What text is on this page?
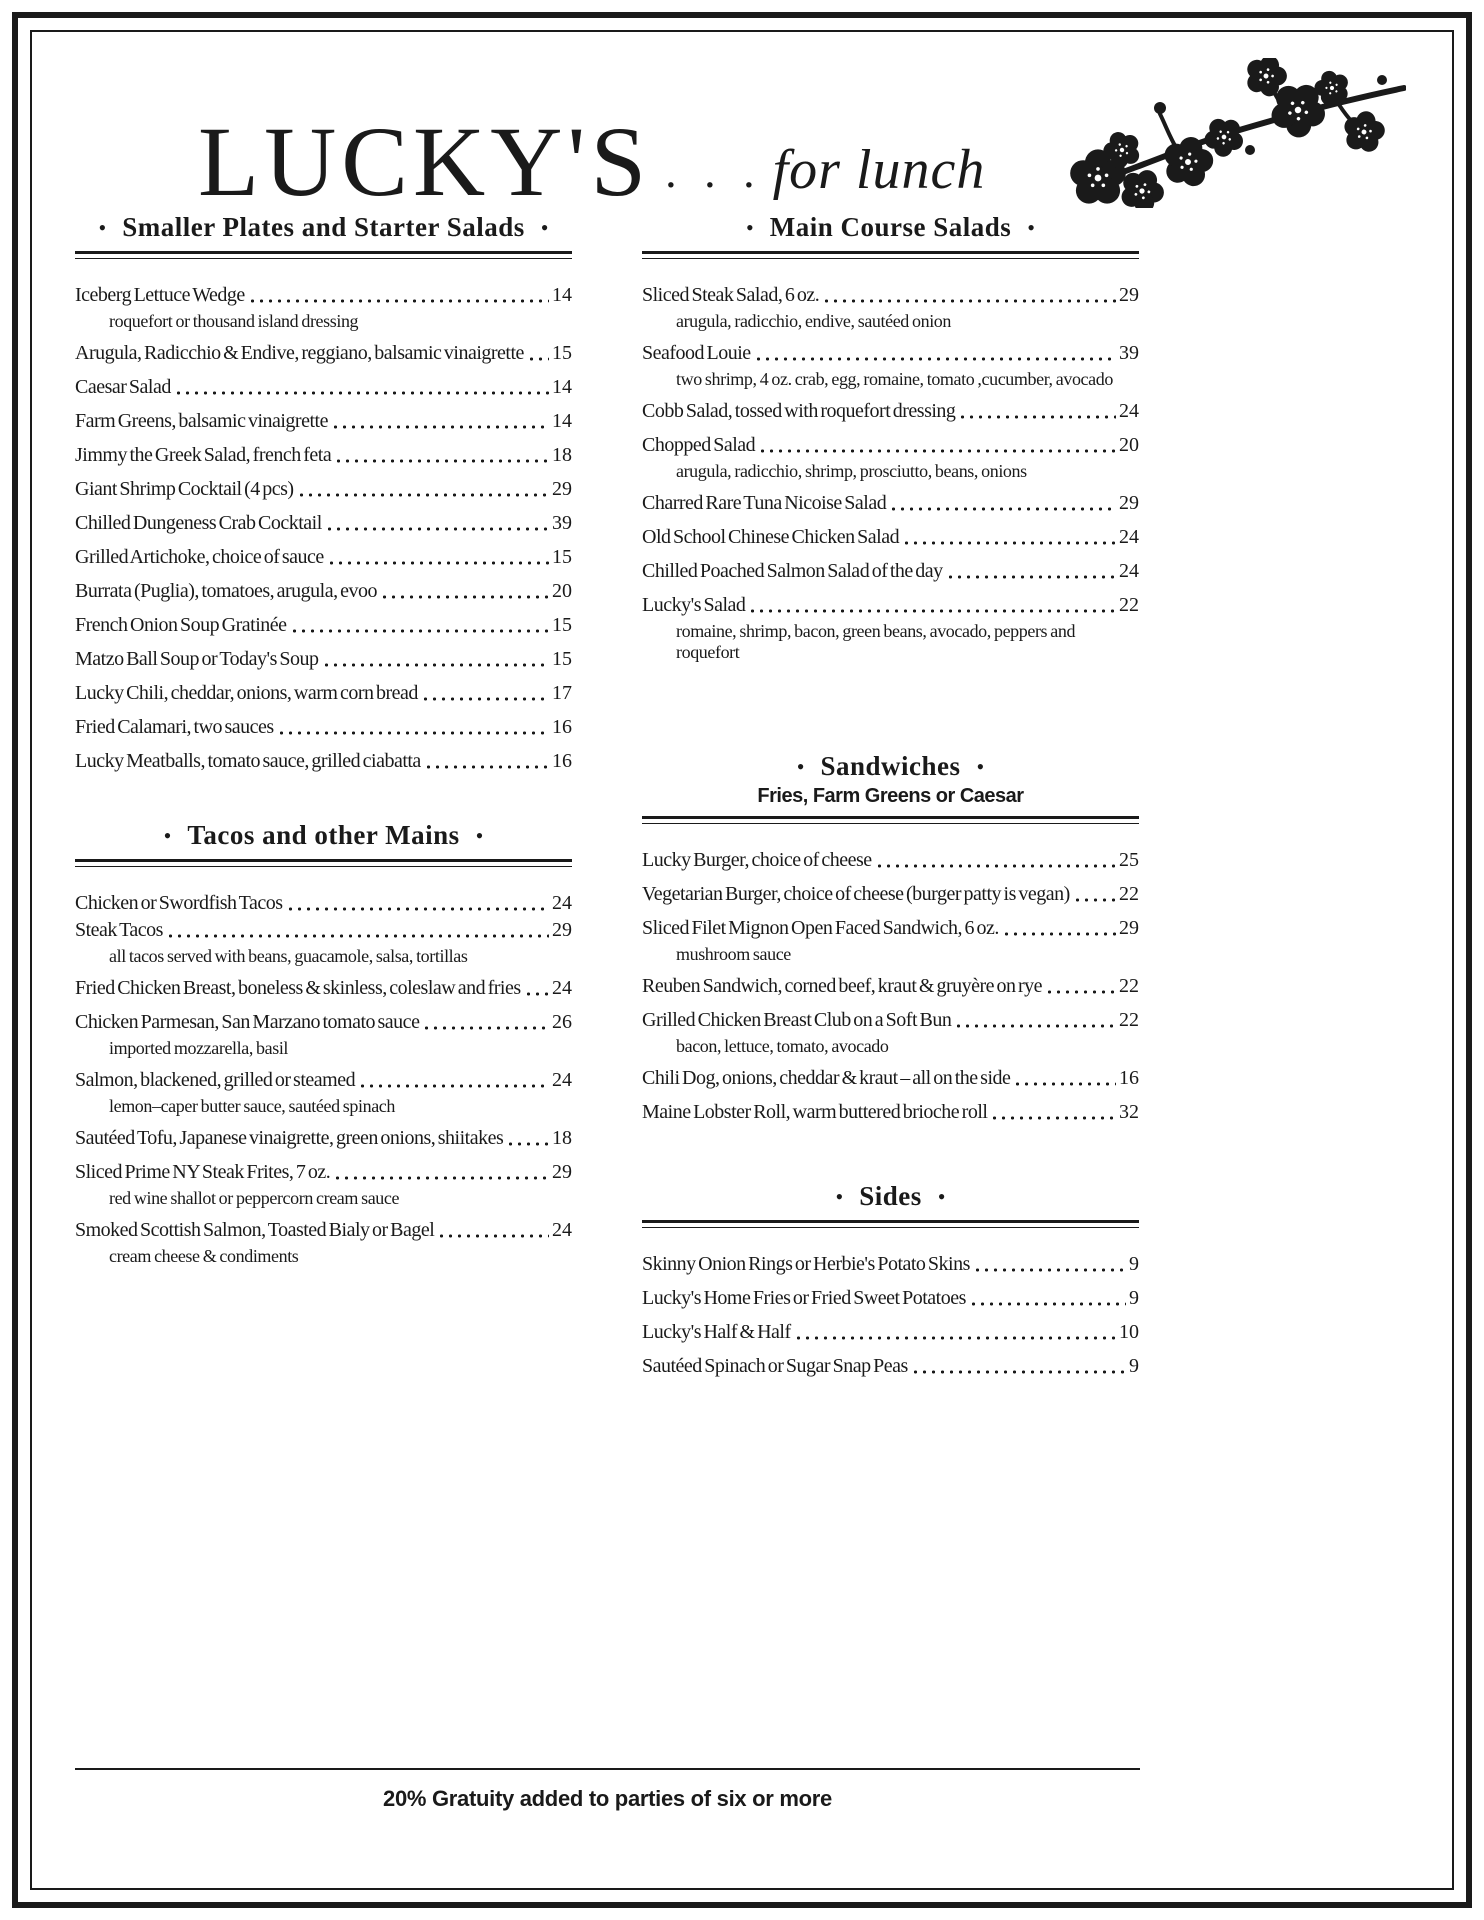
LUCKY'S . . . for lunch
• Smaller Plates and Starter Salads •
Iceberg Lettuce Wedge	14
roquefort or thousand island dressing
Arugula, Radicchio & Endive, reggiano, balsamic vinaigrette 15
Caesar Salad	14
Farm Greens, balsamic vinaigrette	14
Jimmy the Greek Salad, french feta	18
Giant Shrimp Cocktail (4 pcs)	29
Chilled Dungeness Crab Cocktail	39
Grilled Artichoke, choice of sauce	15
Burrata (Puglia), tomatoes, arugula, evoo	20
French Onion Soup Gratinée	15
Matzo Ball Soup or Today's Soup	15
Lucky Chili, cheddar, onions, warm corn bread	17
Fried Calamari, two sauces	16
Lucky Meatballs, tomato sauce, grilled ciabatta	16
• Tacos and other Mains •
Chicken or Swordfish Tacos	24
Steak Tacos	29
all tacos served with beans, guacamole, salsa, tortillas
Fried Chicken Breast, boneless & skinless, coleslaw and fries 24
Chicken Parmesan, San Marzano tomato sauce	26
imported mozzarella, basil
Salmon, blackened, grilled or steamed	24
lemon–caper butter sauce, sautéed spinach
Sautéed Tofu, Japanese vinaigrette, green onions, shiitakes 18
Sliced Prime NY Steak Frites, 7 oz.	29
red wine shallot or peppercorn cream sauce
Smoked Scottish Salmon, Toasted Bialy or Bagel	24
cream cheese & condiments
• Main Course Salads •
Sliced Steak Salad, 6 oz.	29
arugula, radicchio, endive, sautéed onion
Seafood Louie	39
two shrimp, 4 oz. crab, egg, romaine, tomato ,cucumber, avocado
Cobb Salad, tossed with roquefort dressing	24
Chopped Salad	20
arugula, radicchio, shrimp, prosciutto, beans, onions
Charred Rare Tuna Nicoise Salad	29
Old School Chinese Chicken Salad	24
Chilled Poached Salmon Salad of the day	24
Lucky's Salad	22
romaine, shrimp, bacon, green beans, avocado, peppers and roquefort
• Sandwiches •
Fries, Farm Greens or Caesar
Lucky Burger, choice of cheese	25
Vegetarian Burger, choice of cheese (burger patty is vegan) 22
Sliced Filet Mignon Open Faced Sandwich, 6 oz.	29
mushroom sauce
Reuben Sandwich, corned beef, kraut & gruyère on rye	22
Grilled Chicken Breast Club on a Soft Bun	22
bacon, lettuce, tomato, avocado
Chili Dog, onions, cheddar & kraut – all on the side	16
Maine Lobster Roll, warm buttered brioche roll	32
• Sides •
Skinny Onion Rings or Herbie's Potato Skins	9
Lucky's Home Fries or Fried Sweet Potatoes	9
Lucky's Half & Half	10
Sautéed Spinach or Sugar Snap Peas	9
20% Gratuity added to parties of six or more
